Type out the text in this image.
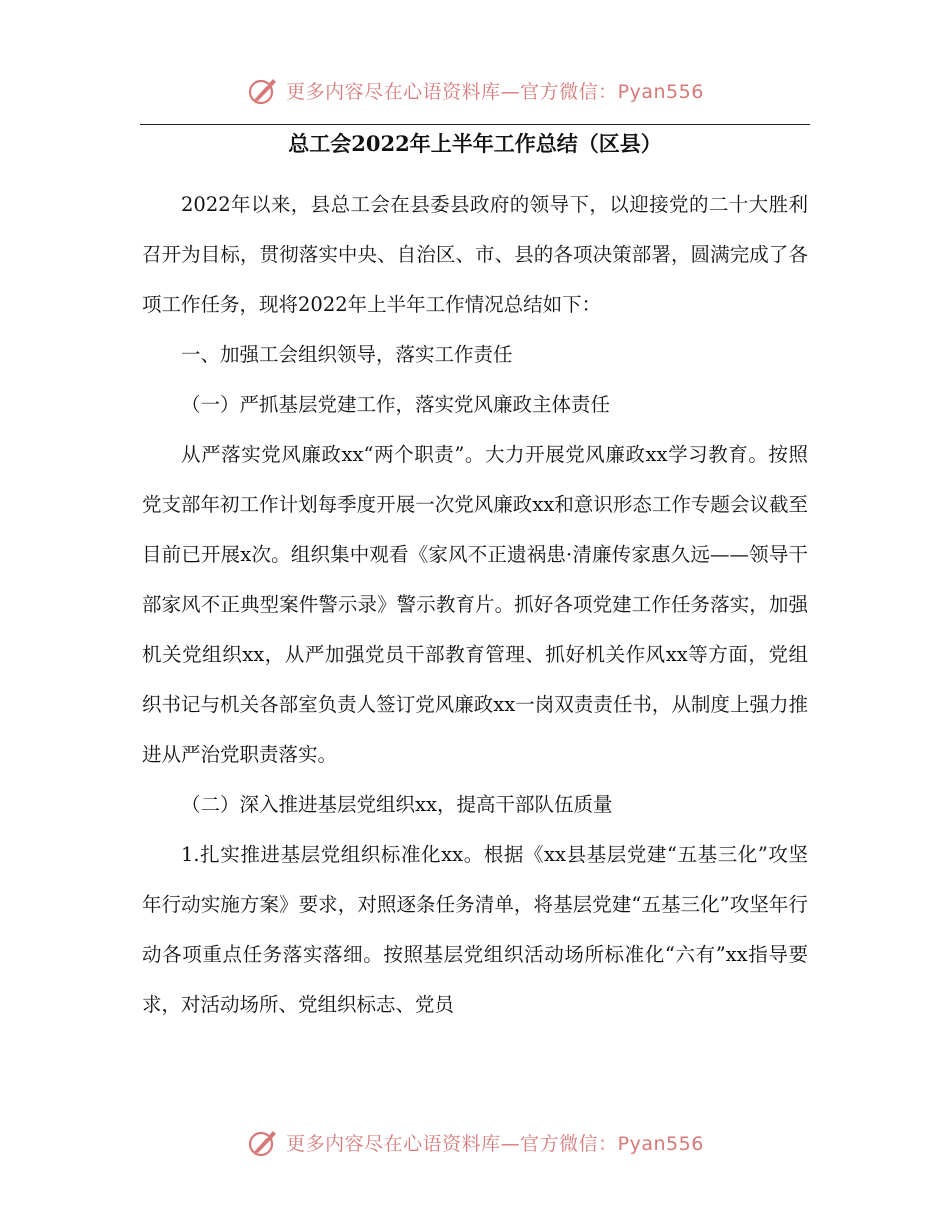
更多内容尽在心语资料库—官方微信：Pyan556
总工会2022年上半年工作总结（区县）

2022年以来，县总工会在县委县政府的领导下，以迎接党的二十大胜利召开为目标，贯彻落实中央、自治区、市、县的各项决策部署，圆满完成了各项工作任务，现将2022年上半年工作情况总结如下：

一、加强工会组织领导，落实工作责任

（一）严抓基层党建工作，落实党风廉政主体责任

从严落实党风廉政xx“两个职责”。大力开展党风廉政xx学习教育。按照党支部年初工作计划每季度开展一次党风廉政xx和意识形态工作专题会议截至目前已开展x次。组织集中观看《家风不正遗祸患·清廉传家惠久远——领导干部家风不正典型案件警示录》警示教育片。抓好各项党建工作任务落实，加强机关党组织xx，从严加强党员干部教育管理、抓好机关作风xx等方面，党组织书记与机关各部室负责人签订党风廉政xx一岗双责责任书，从制度上强力推进从严治党职责落实。

（二）深入推进基层党组织xx，提高干部队伍质量

1.扎实推进基层党组织标准化xx。根据《xx县基层党建“五基三化”攻坚年行动实施方案》要求，对照逐条任务清单，将基层党建“五基三化”攻坚年行动各项重点任务落实落细。按照基层党组织活动场所标准化“六有”xx指导要求，对活动场所、党组织标志、党员

更多内容尽在心语资料库—官方微信：Pyan556
